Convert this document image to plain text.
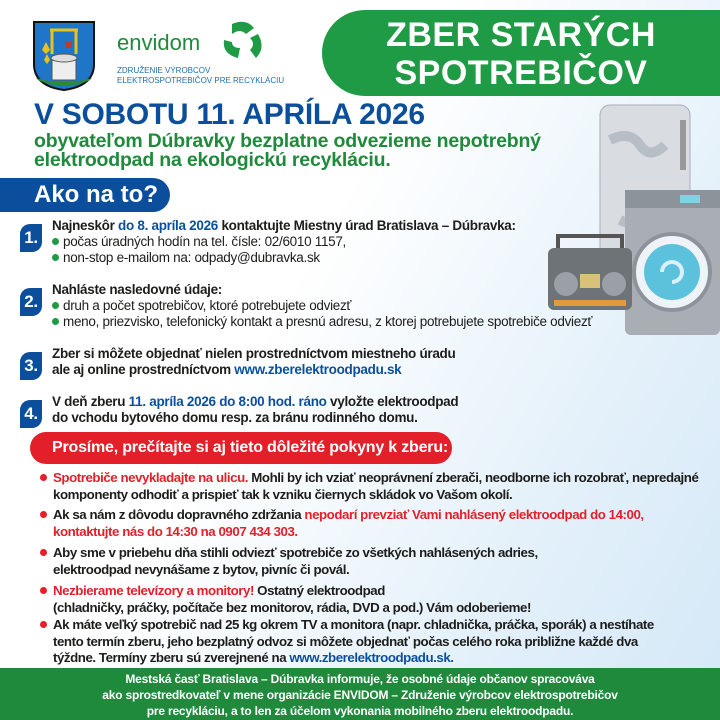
envidom
ZDRUŽENIE VÝROBCOV
ELEKTROSPOTREBIČOV PRE RECYKLÁCIU
ZBER STARÝCH
SPOTREBIČOV
V SOBOTU 11. APRÍLA 2026
obyvateľom Dúbravky bezplatne odvezieme nepotrebný
elektroodpad na ekologickú recykláciu.
Ako na to?
1.
Najneskôr do 8. apríla 2026 kontaktujte Miestny úrad Bratislava – Dúbravka:
počas úradných hodín na tel. čísle: 02/6010 1157,
non-stop e-mailom na: odpady@dubravka.sk
2.
Nahláste nasledovné údaje:
druh a počet spotrebičov, ktoré potrebujete odviezť
meno, priezvisko, telefonický kontakt a presnú adresu, z ktorej potrebujete spotrebiče odviezť
3.
Zber si môžete objednať nielen prostredníctvom miestneho úradu
ale aj online prostredníctvom www.zberelektroodpadu.sk
4.
V deň zberu 11. apríla 2026 do 8:00 hod. ráno vyložte elektroodpad
do vchodu bytového domu resp. za bránu rodinného domu.
Prosíme, prečítajte si aj tieto dôležité pokyny k zberu:
Spotrebiče nevykladajte na ulicu. Mohli by ich vziať neoprávnení zberači, neodborne ich rozobrať, nepredajné komponenty odhodiť a prispieť tak k vzniku čiernych skládok vo Vašom okolí.
Ak sa nám z dôvodu dopravného zdržania nepodarí prevziať Vami nahlásený elektroodpad do 14:00, kontaktujte nás do 14:30 na 0907 434 303.
Aby sme v priebehu dňa stihli odviezť spotrebiče zo všetkých nahlásených adries, elektroodpad nevynášame z bytov, pivníc či povál.
Nezbierame televízory a monitory! Ostatný elektroodpad
(chladničky, práčky, počítače bez monitorov, rádia, DVD a pod.) Vám odoberieme!
Ak máte veľký spotrebič nad 25 kg okrem TV a monitora (napr. chladnička, práčka, sporák) a nestíhate tento termín zberu, jeho bezplatný odvoz si môžete objednať počas celého roka približne každé dva týždne. Termíny zberu sú zverejnené na www.zberelektroodpadu.sk.
Mestská časť Bratislava – Dúbravka informuje, že osobné údaje občanov spracováva
ako sprostredkovateľ v mene organizácie ENVIDOM – Združenie výrobcov elektrospotrebičov
pre recykláciu, a to len za účelom vykonania mobilného zberu elektroodpadu.
